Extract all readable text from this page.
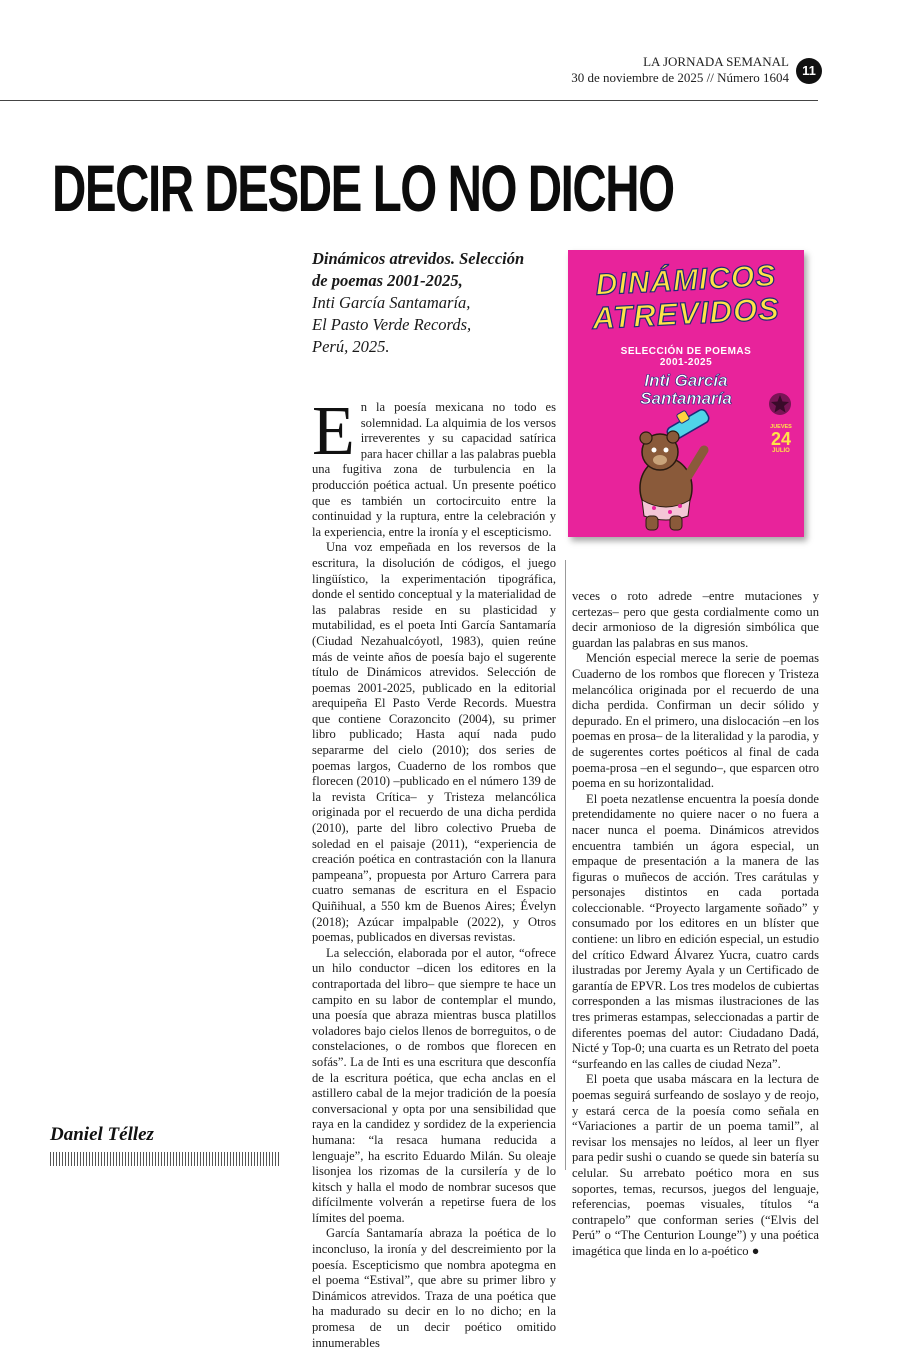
LA JORNADA SEMANAL
30 de noviembre de 2025 // Número 1604	11
DECIR DESDE LO NO DICHO
Dinámicos atrevidos. Selección
de poemas 2001-2025,
Inti García Santamaría,
El Pasto Verde Records,
Perú, 2025.
DINÁMICOS
ATREVIDOS
SELECCIÓN DE POEMAS
2001-2025
Inti García
Santamaría
JUEVES
24
JULIO
E n la poesía mexicana no todo es solemnidad. La alquimia de los versos irreverentes y su capacidad satírica para hacer chillar a las palabras puebla una fugitiva zona de turbulencia en la producción poética actual. Un presente poético que es también un cortocircuito entre la continuidad y la ruptura, entre la celebración y la experiencia, entre la ironía y el escepticismo.

Una voz empeñada en los reversos de la escritura, la disolución de códigos, el juego lingüístico, la experimentación tipográfica, donde el sentido conceptual y la materialidad de las palabras reside en su plasticidad y mutabilidad, es el poeta Inti García Santamaría (Ciudad Nezahualcóyotl, 1983), quien reúne más de veinte años de poesía bajo el sugerente título de Dinámicos atrevidos. Selección de poemas 2001-2025, publicado en la editorial arequipeña El Pasto Verde Records. Muestra que contiene Corazoncito (2004), su primer libro publicado; Hasta aquí nada pudo separarme del cielo (2010); dos series de poemas largos, Cuaderno de los rombos que florecen (2010) –publicado en el número 139 de la revista Crítica– y Tristeza melancólica originada por el recuerdo de una dicha perdida (2010), parte del libro colectivo Prueba de soledad en el paisaje (2011), “experiencia de creación poética en contrastación con la llanura pampeana”, propuesta por Arturo Carrera para cuatro semanas de escritura en el Espacio Quiñihual, a 550 km de Buenos Aires; Évelyn (2018); Azúcar impalpable (2022), y Otros poemas, publicados en diversas revistas.

La selección, elaborada por el autor, “ofrece un hilo conductor –dicen los editores en la contraportada del libro– que siempre te hace un campito en su labor de contemplar el mundo, una poesía que abraza mientras busca platillos voladores bajo cielos llenos de borreguitos, o de constelaciones, o de rombos que florecen en sofás”. La de Inti es una escritura que desconfía de la escritura poética, que echa anclas en el astillero cabal de la mejor tradición de la poesía conversacional y opta por una sensibilidad que raya en la candidez y sordidez de la experiencia humana: “la resaca humana reducida a lenguaje”, ha escrito Eduardo Milán. Su oleaje lisonjea los rizomas de la cursilería y de lo kitsch y halla el modo de nombrar sucesos que difícilmente volverán a repetirse fuera de los límites del poema.

García Santamaría abraza la poética de lo inconcluso, la ironía y del descreimiento por la poesía. Escepticismo que nombra apotegma en el poema “Estival”, que abre su primer libro y Dinámicos atrevidos. Traza de una poética que ha madurado su decir en lo no dicho; en la promesa de un decir poético omitido innumerables

veces o roto adrede –entre mutaciones y certezas– pero que gesta cordialmente como un decir armonioso de la digresión simbólica que guardan las palabras en sus manos.

Mención especial merece la serie de poemas Cuaderno de los rombos que florecen y Tristeza melancólica originada por el recuerdo de una dicha perdida. Confirman un decir sólido y depurado. En el primero, una dislocación –en los poemas en prosa– de la literalidad y la parodia, y de sugerentes cortes poéticos al final de cada poema-prosa –en el segundo–, que esparcen otro poema en su horizontalidad.

El poeta nezatlense encuentra la poesía donde pretendidamente no quiere nacer o no fuera a nacer nunca el poema. Dinámicos atrevidos encuentra también un ágora especial, un empaque de presentación a la manera de las figuras o muñecos de acción. Tres carátulas y personajes distintos en cada portada coleccionable. “Proyecto largamente soñado” y consumado por los editores en un blíster que contiene: un libro en edición especial, un estudio del crítico Edward Álvarez Yucra, cuatro cards ilustradas por Jeremy Ayala y un Certificado de garantía de EPVR. Los tres modelos de cubiertas corresponden a las mismas ilustraciones de las tres primeras estampas, seleccionadas a partir de diferentes poemas del autor: Ciudadano Dadá, Nicté y Top-0; una cuarta es un Retrato del poeta “surfeando en las calles de ciudad Neza”.

El poeta que usaba máscara en la lectura de poemas seguirá surfeando de soslayo y de reojo, y estará cerca de la poesía como señala en “Variaciones a partir de un poema tamil”, al revisar los mensajes no leídos, al leer un flyer para pedir sushi o cuando se quede sin batería su celular. Su arrebato poético mora en sus soportes, temas, recursos, juegos del lenguaje, referencias, poemas visuales, títulos “a contrapelo” que conforman series (“Elvis del Perú” o “The Centurion Lounge”) y una poética imagética que linda en lo a-poético ●

Daniel Téllez
